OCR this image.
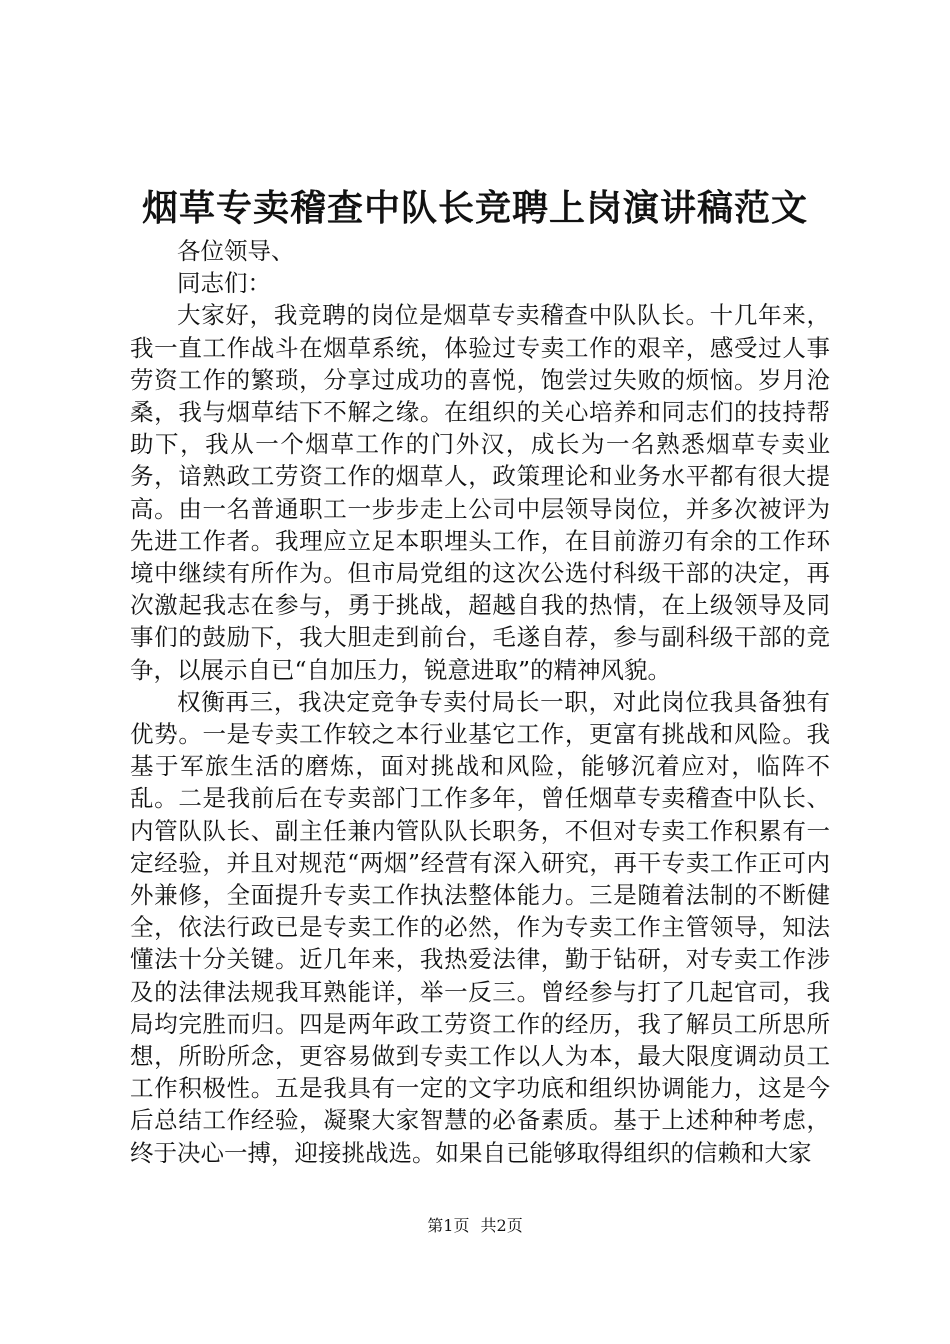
烟草专卖稽查中队长竞聘上岗演讲稿范文

各位领导、

同志们：

大家好，我竞聘的岗位是烟草专卖稽查中队队长。十几年来，我一直工作战斗在烟草系统，体验过专卖工作的艰辛，感受过人事劳资工作的繁琐，分享过成功的喜悦，饱尝过失败的烦恼。岁月沧桑，我与烟草结下不解之缘。在组织的关心培养和同志们的技持帮助下，我从一个烟草工作的门外汉，成长为一名熟悉烟草专卖业务，谙熟政工劳资工作的烟草人，政策理论和业务水平都有很大提高。由一名普通职工一步步走上公司中层领导岗位，并多次被评为先进工作者。我理应立足本职埋头工作，在目前游刃有余的工作环境中继续有所作为。但市局党组的这次公选付科级干部的决定，再次激起我志在参与，勇于挑战，超越自我的热情，在上级领导及同事们的鼓励下，我大胆走到前台，毛遂自荐，参与副科级干部的竞争，以展示自已“自加压力，锐意进取”的精神风貌。

权衡再三，我决定竞争专卖付局长一职，对此岗位我具备独有优势。一是专卖工作较之本行业基它工作，更富有挑战和风险。我基于军旅生活的磨炼，面对挑战和风险，能够沉着应对，临阵不乱。二是我前后在专卖部门工作多年，曾任烟草专卖稽查中队长、内管队队长、副主任兼内管队队长职务，不但对专卖工作积累有一定经验，并且对规范“两烟”经营有深入研究，再干专卖工作正可内外兼修，全面提升专卖工作执法整体能力。三是随着法制的不断健全，依法行政已是专卖工作的必然，作为专卖工作主管领导，知法懂法十分关键。近几年来，我热爱法律，勤于钻研，对专卖工作涉及的法律法规我耳熟能详，举一反三。曾经参与打了几起官司，我局均完胜而归。四是两年政工劳资工作的经历，我了解员工所思所想，所盼所念，更容易做到专卖工作以人为本，最大限度调动员工工作积极性。五是我具有一定的文字功底和组织协调能力，这是今后总结工作经验，凝聚大家智慧的必备素质。基于上述种种考虑，终于决心一搏，迎接挑战选。如果自已能够取得组织的信赖和大家

第1页 共2页
